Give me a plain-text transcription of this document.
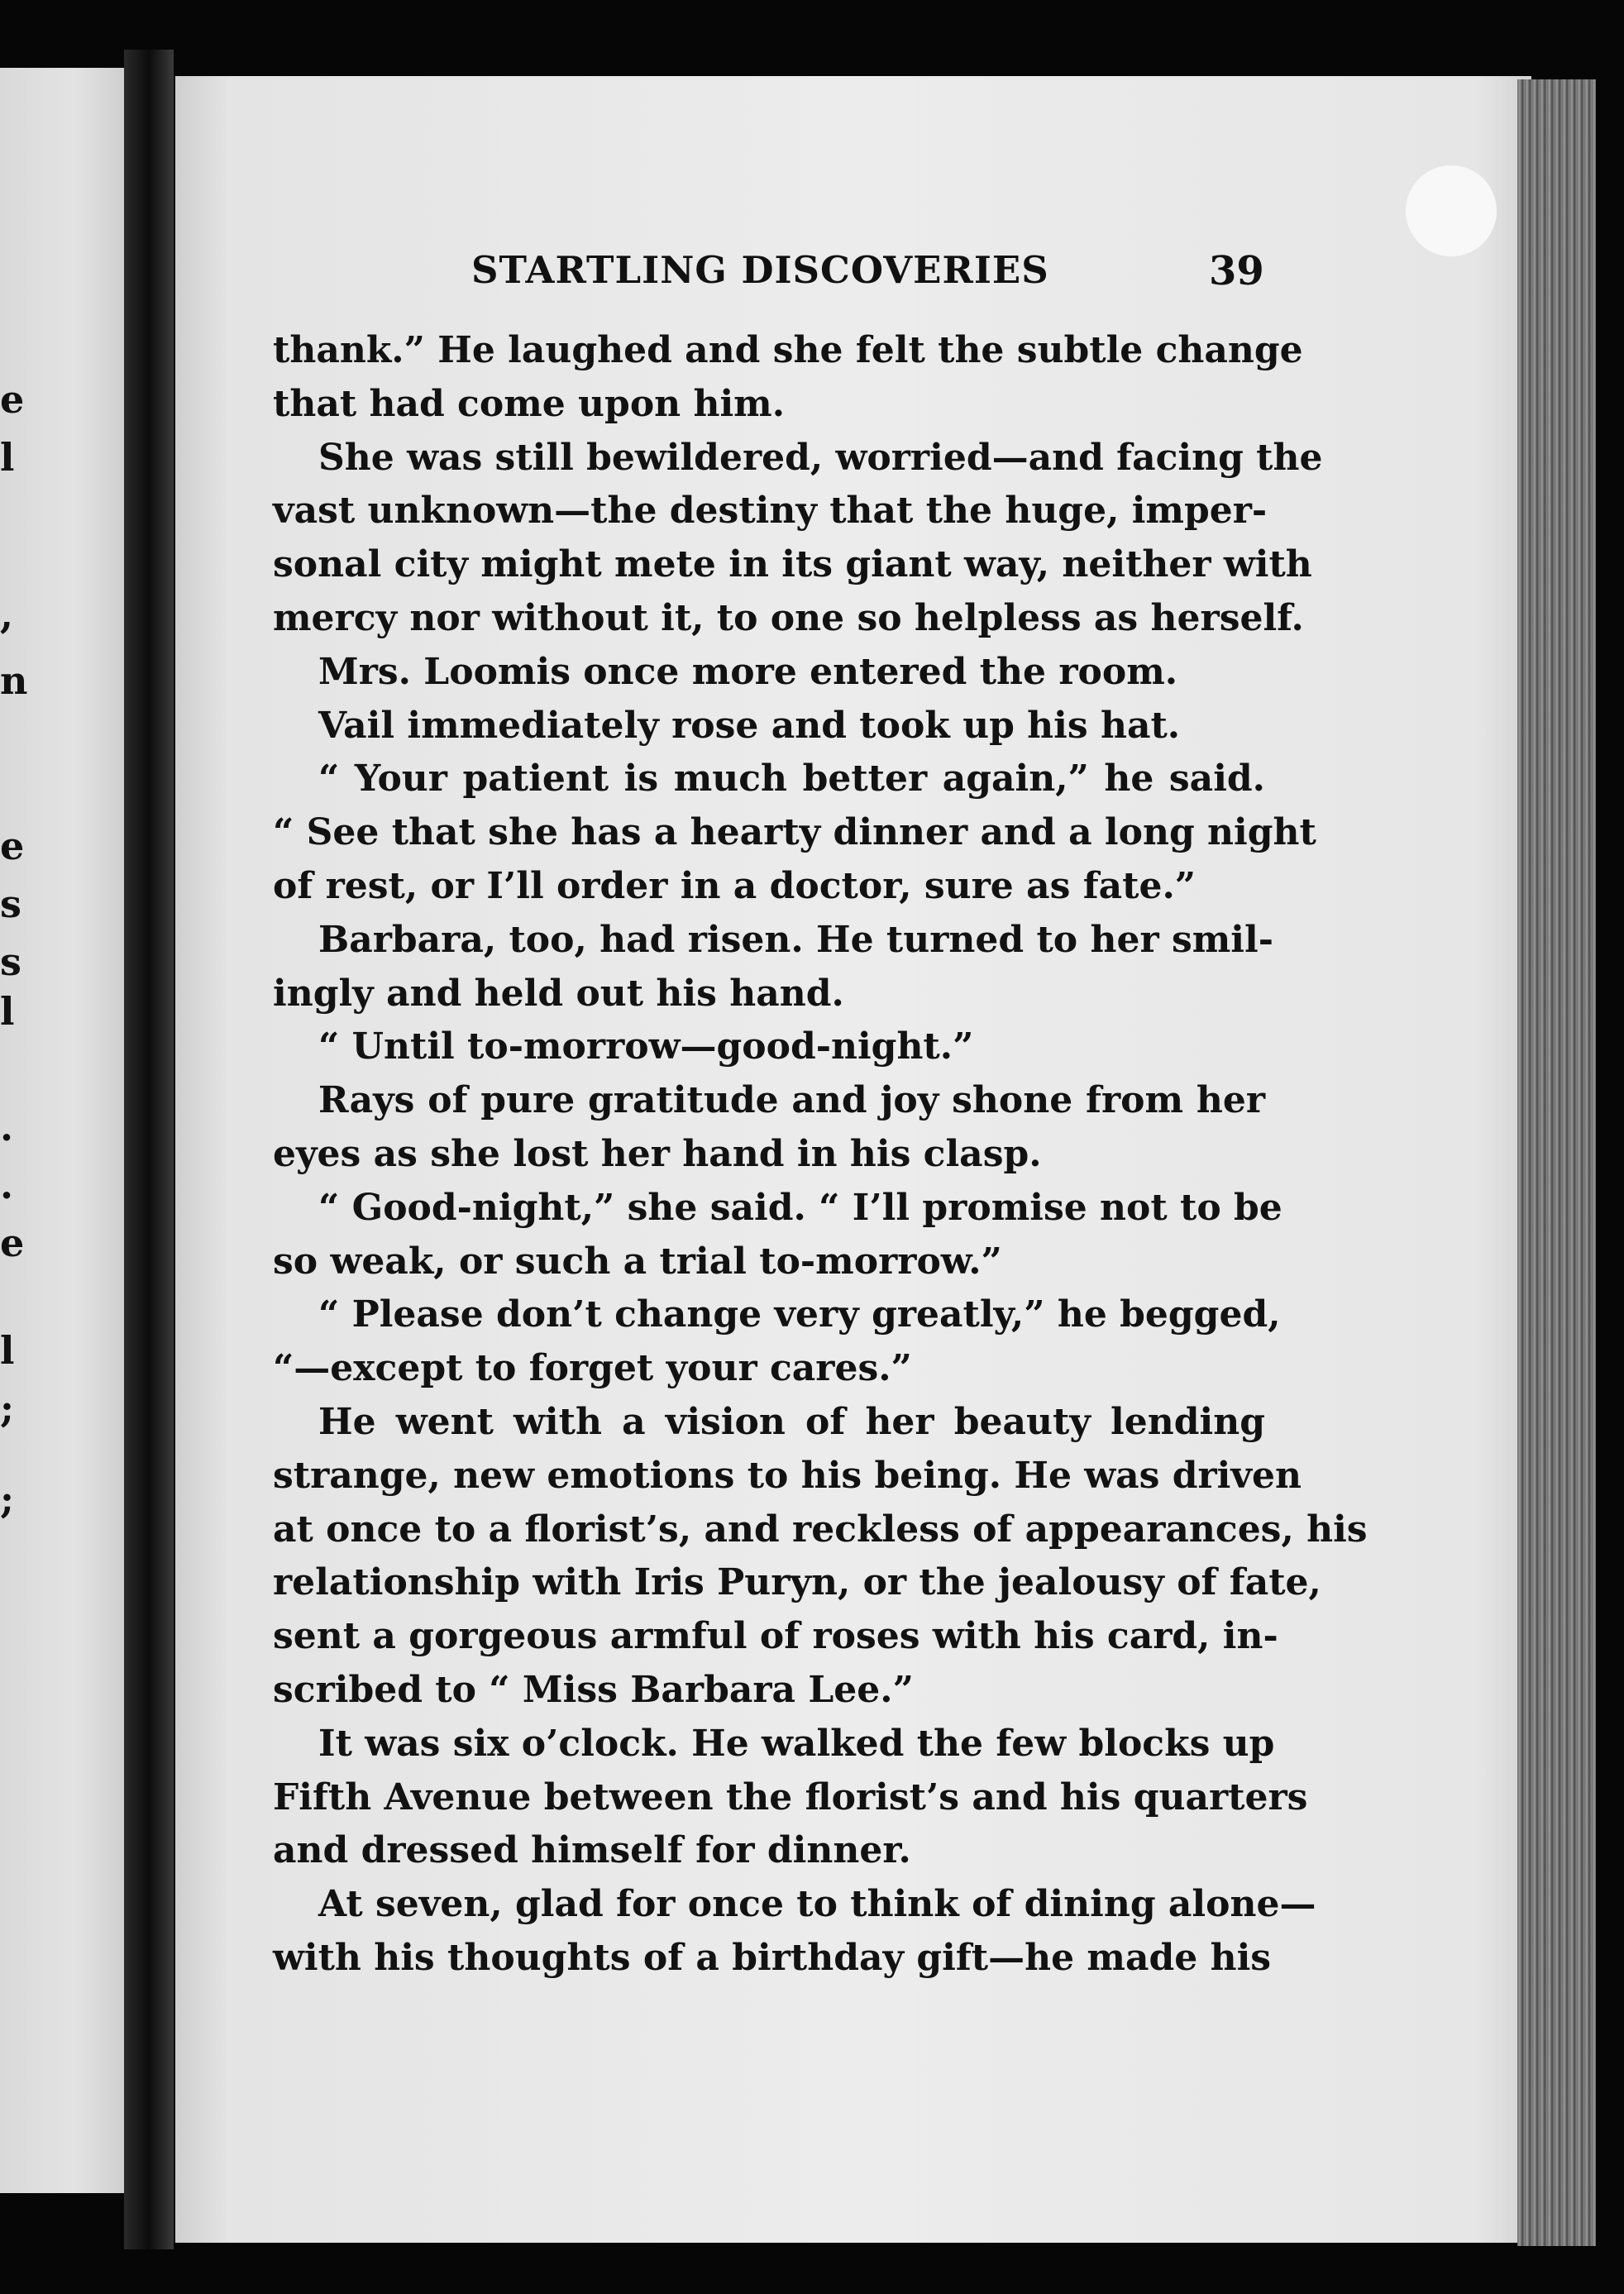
e
l
,
n
e
s
s
l
.
.
e
l
;
;
STARTLING DISCOVERIES	39
thank.” He laughed and she felt the subtle change
that had come upon him.
She was still bewildered, worried—and facing the
vast unknown—the destiny that the huge, imper-
sonal city might mete in its giant way, neither with
mercy nor without it, to one so helpless as herself.
Mrs. Loomis once more entered the room.
Vail immediately rose and took up his hat.
“ Your patient is much better again,” he said.
“ See that she has a hearty dinner and a long night
of rest, or I’ll order in a doctor, sure as fate.”
Barbara, too, had risen. He turned to her smil-
ingly and held out his hand.
“ Until to-morrow—good-night.”
Rays of pure gratitude and joy shone from her
eyes as she lost her hand in his clasp.
“ Good-night,” she said. “ I’ll promise not to be
so weak, or such a trial to-morrow.”
“ Please don’t change very greatly,” he begged,
“—except to forget your cares.”
He went with a vision of her beauty lending
strange, new emotions to his being. He was driven
at once to a florist’s, and reckless of appearances, his
relationship with Iris Puryn, or the jealousy of fate,
sent a gorgeous armful of roses with his card, in-
scribed to “ Miss Barbara Lee.”
It was six o’clock. He walked the few blocks up
Fifth Avenue between the florist’s and his quarters
and dressed himself for dinner.
At seven, glad for once to think of dining alone—
with his thoughts of a birthday gift—he made his
